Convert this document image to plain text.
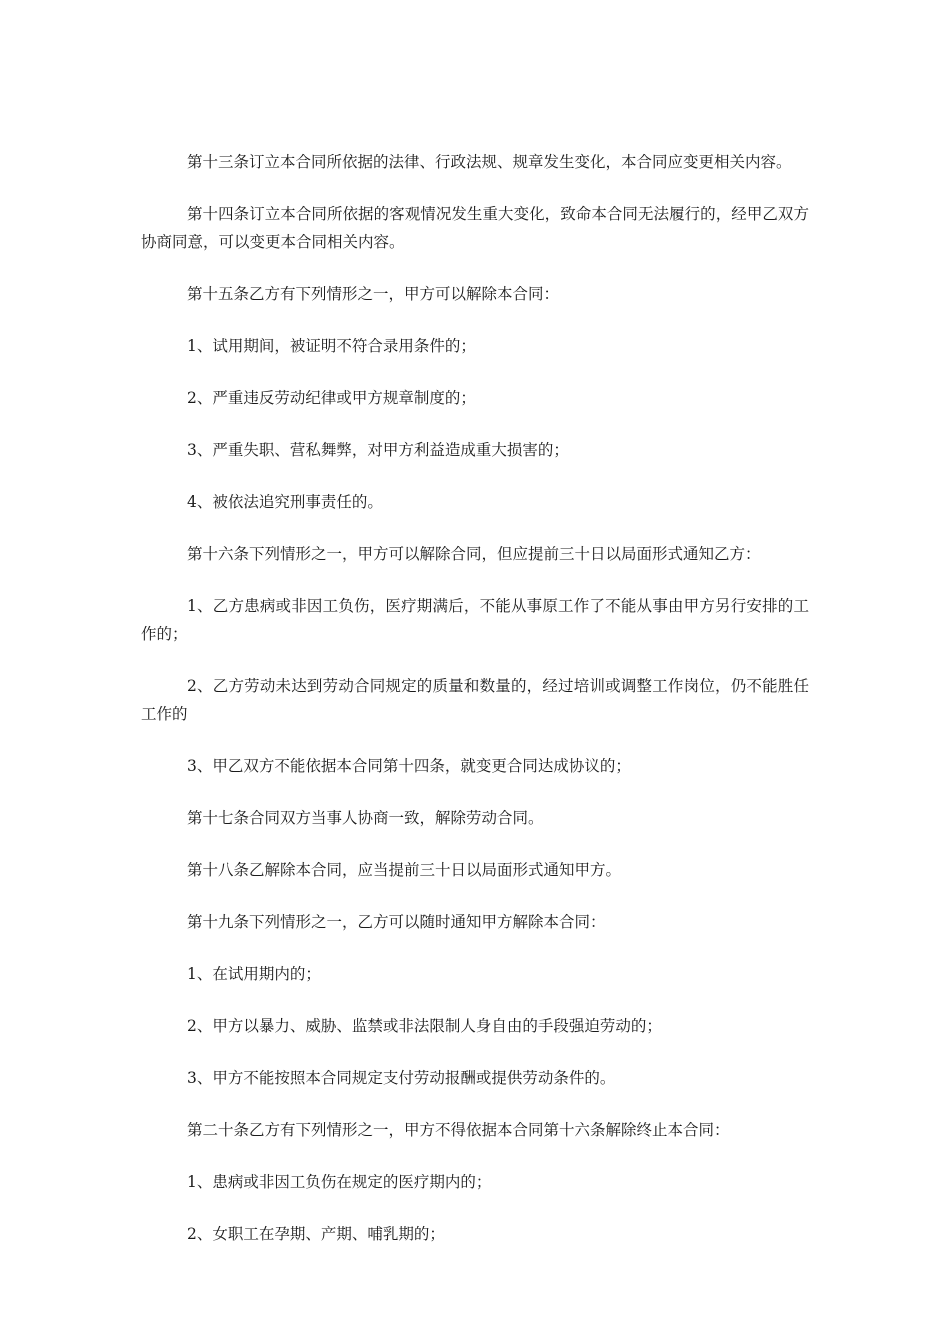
第十三条订立本合同所依据的法律、行政法规、规章发生变化，本合同应变更相关内容。

第十四条订立本合同所依据的客观情况发生重大变化，致命本合同无法履行的，经甲乙双方协商同意，可以变更本合同相关内容。

第十五条乙方有下列情形之一，甲方可以解除本合同：

1、试用期间，被证明不符合录用条件的；

2、严重违反劳动纪律或甲方规章制度的；

3、严重失职、营私舞弊，对甲方利益造成重大损害的；

4、被依法追究刑事责任的。

第十六条下列情形之一，甲方可以解除合同，但应提前三十日以局面形式通知乙方：

1、乙方患病或非因工负伤，医疗期满后，不能从事原工作了不能从事由甲方另行安排的工作的；

2、乙方劳动未达到劳动合同规定的质量和数量的，经过培训或调整工作岗位，仍不能胜任工作的

3、甲乙双方不能依据本合同第十四条，就变更合同达成协议的；

第十七条合同双方当事人协商一致，解除劳动合同。

第十八条乙解除本合同，应当提前三十日以局面形式通知甲方。

第十九条下列情形之一，乙方可以随时通知甲方解除本合同：

1、在试用期内的；

2、甲方以暴力、威胁、监禁或非法限制人身自由的手段强迫劳动的；

3、甲方不能按照本合同规定支付劳动报酬或提供劳动条件的。

第二十条乙方有下列情形之一，甲方不得依据本合同第十六条解除终止本合同：

1、患病或非因工负伤在规定的医疗期内的；

2、女职工在孕期、产期、哺乳期的；
